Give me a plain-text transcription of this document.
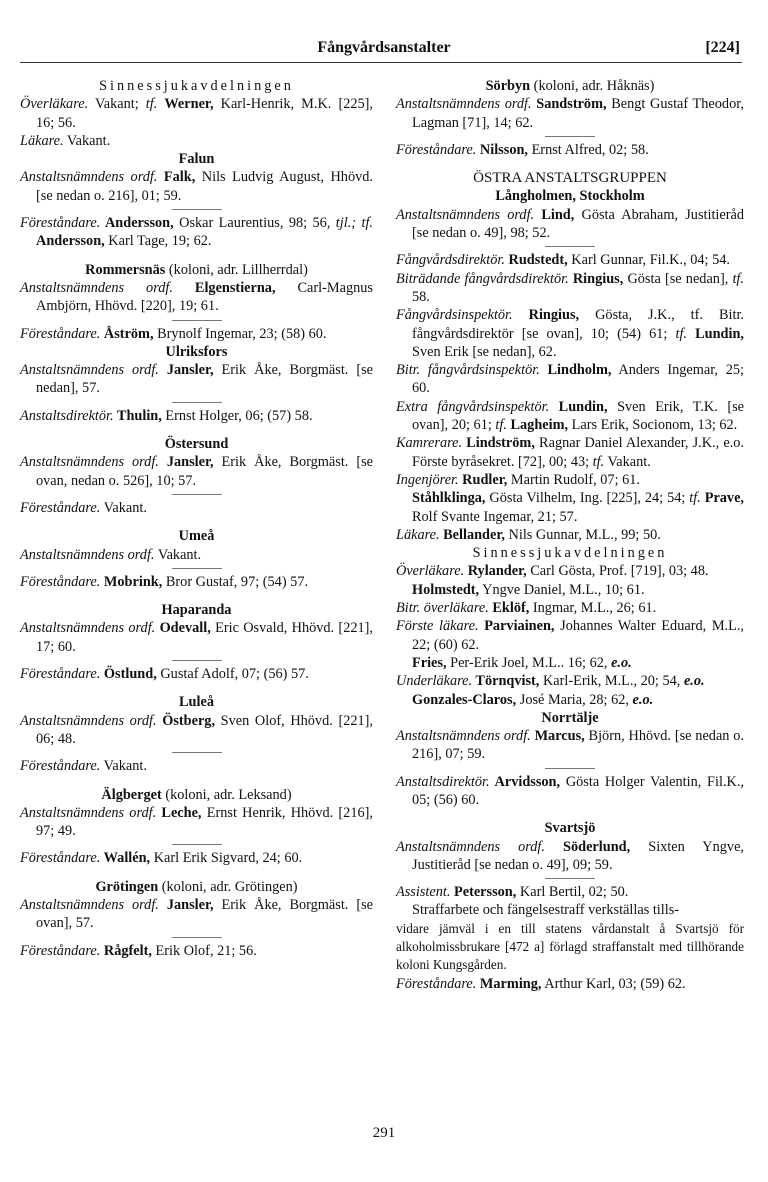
Fångvårdsanstalter	[224]
Sinnessjukavdelningen
Överläkare. Vakant; tf. Werner, Karl-Henrik, M.K. [225], 16; 56.
Läkare. Vakant.
Falun
Anstaltsnämndens ordf. Falk, Nils Ludvig August, Hhövd. [se nedan o. 216], 01; 59.
Föreståndare. Andersson, Oskar Laurentius, 98; 56, tjl.; tf. Andersson, Karl Tage, 19; 62.
Rommersnäs (koloni, adr. Lillherrdal)
Anstaltsnämndens ordf. Elgenstierna, Carl-Magnus Ambjörn, Hhövd. [220], 19; 61.
Föreståndare. Åström, Brynolf Ingemar, 23; (58) 60.
Ulriksfors
Anstaltsnämndens ordf. Jansler, Erik Åke, Borgmäst. [se nedan], 57.
Anstaltsdirektör. Thulin, Ernst Holger, 06; (57) 58.
Östersund
Anstaltsnämndens ordf. Jansler, Erik Åke, Borgmäst. [se ovan, nedan o. 526], 10; 57.
Föreståndare. Vakant.
Umeå
Anstaltsnämndens ordf. Vakant.
Föreståndare. Mobrink, Bror Gustaf, 97; (54) 57.
Haparanda
Anstaltsnämndens ordf. Odevall, Eric Osvald, Hhövd. [221], 17; 60.
Föreståndare. Östlund, Gustaf Adolf, 07; (56) 57.
Luleå
Anstaltsnämndens ordf. Östberg, Sven Olof, Hhövd. [221], 06; 48.
Föreståndare. Vakant.
Älgberget (koloni, adr. Leksand)
Anstaltsnämndens ordf. Leche, Ernst Henrik, Hhövd. [216], 97; 49.
Föreståndare. Wallén, Karl Erik Sigvard, 24; 60.
Grötingen (koloni, adr. Grötingen)
Anstaltsnämndens ordf. Jansler, Erik Åke, Borgmäst. [se ovan], 57.
Föreståndare. Rågfelt, Erik Olof, 21; 56.
Sörbyn (koloni, adr. Håknäs)
Anstaltsnämndens ordf. Sandström, Bengt Gustaf Theodor, Lagman [71], 14; 62.
Föreståndare. Nilsson, Ernst Alfred, 02; 58.
ÖSTRA ANSTALTSGRUPPEN
Långholmen, Stockholm
Anstaltsnämndens ordf. Lind, Gösta Abraham, Justitieråd [se nedan o. 49], 98; 52.
Fångvårdsdirektör. Rudstedt, Karl Gunnar, Fil.K., 04; 54.
Biträdande fångvårdsdirektör. Ringius, Gösta [se nedan], tf. 58.
Fångvårdsinspektör. Ringius, Gösta, J.K., tf. Bitr. fångvårdsdirektör [se ovan], 10; (54) 61; tf. Lundin, Sven Erik [se nedan], 62.
Bitr. fångvårdsinspektör. Lindholm, Anders Ingemar, 25; 60.
Extra fångvårdsinspektör. Lundin, Sven Erik, T.K. [se ovan], 20; 61; tf. Lagheim, Lars Erik, Socionom, 13; 62.
Kamrerare. Lindström, Ragnar Daniel Alexander, J.K., e.o. Förste byråsekret. [72], 00; 43; tf. Vakant.
Ingenjörer. Rudler, Martin Rudolf, 07; 61.
Ståhlklinga, Gösta Vilhelm, Ing. [225], 24; 54; tf. Prave, Rolf Svante Ingemar, 21; 57.
Läkare. Bellander, Nils Gunnar, M.L., 99; 50.
Sinnessjukavdelningen
Överläkare. Rylander, Carl Gösta, Prof. [719], 03; 48.
Holmstedt, Yngve Daniel, M.L., 10; 61.
Bitr. överläkare. Eklöf, Ingmar, M.L., 26; 61.
Förste läkare. Parviainen, Johannes Walter Eduard, M.L., 22; (60) 62.
Fries, Per-Erik Joel, M.L.. 16; 62, e.o.
Underläkare. Törnqvist, Karl-Erik, M.L., 20; 54, e.o.
Gonzales-Claros, José Maria, 28; 62, e.o.
Norrtälje
Anstaltsnämndens ordf. Marcus, Björn, Hhövd. [se nedan o. 216], 07; 59.
Anstaltsdirektör. Arvidsson, Gösta Holger Valentin, Fil.K., 05; (56) 60.
Svartsjö
Anstaltsnämndens ordf. Söderlund, Sixten Yngve, Justitieråd [se nedan o. 49], 09; 59.
Assistent. Petersson, Karl Bertil, 02; 50.
Straffarbete och fängelsestraff verkställas tills-
vidare jämväl i en till statens vårdanstalt å Svartsjö för alkoholmissbrukare [472 a] förlagd straffanstalt med tillhörande koloni Kungsgården.
Föreståndare. Marming, Arthur Karl, 03; (59) 62.
291
